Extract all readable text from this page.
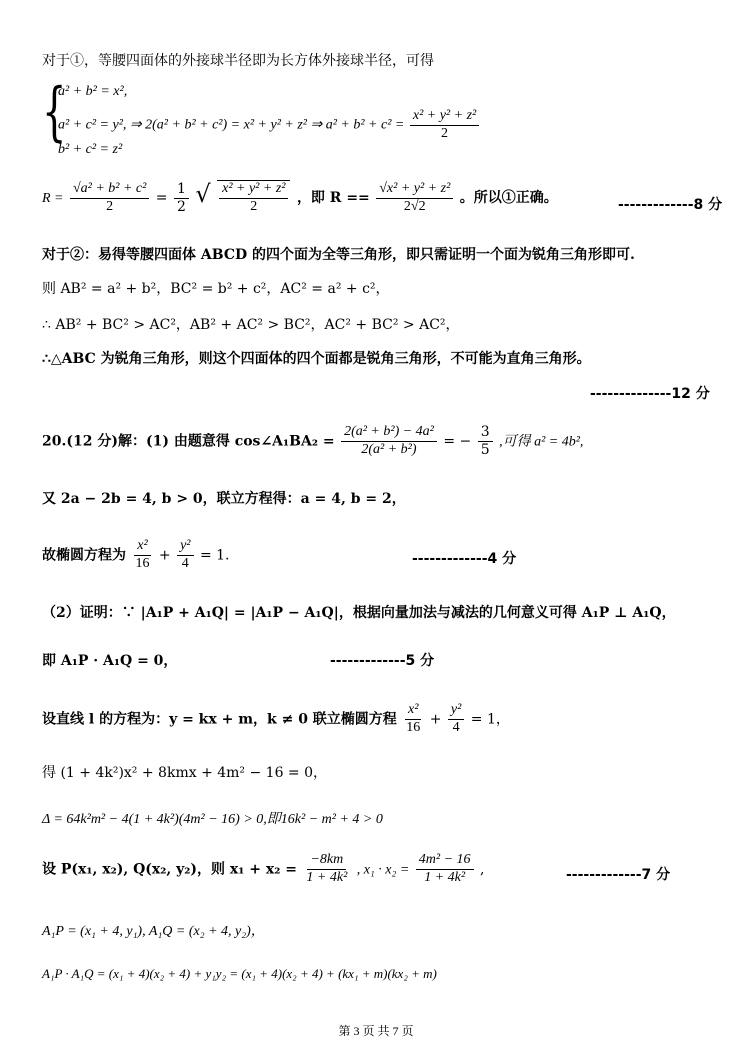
对于①，等腰四面体的外接球半径即为长方体外接球半径，可得
{
a² + b² = x²,
a² + c² = y², ⇒ 2(a² + b² + c²) = x² + y² + z² ⇒ $a^2 + b^2 + c^2 = \frac{\text{x² + y² + z²}}{2}$
b² + c² = z²
$R = \frac{\text{√a² + b² + c²}}{2} = \frac{1}{2}$ √ $\frac{\text{x² + y² + z²}}{2}$ ，即 $R == \frac{\text{√x² + y² + z²}}{2√2}$ 。所以①正确。	-------------8 分
对于②：易得等腰四面体 ABCD 的四个面为全等三角形，即只需证明一个面为锐角三角形即可.
则 AB² = a² + b²，BC² = b² + c²，AC² = a² + c²，
∴ AB² + BC² > AC²，AB² + AC² > BC²，AC² + BC² > AC²，
∴△ABC 为锐角三角形，则这个四面体的四个面都是锐角三角形，不可能为直角三角形。
--------------12 分
20.(12 分)解：(1) 由题意得 cos∠A₁BA₂ = $\frac{\text{2(a² + b²) − 4a²}}{\text{2(a² + b²)}}$ = − $\frac{3}{5}$ ,可得 a² = 4b²,
又 2a − 2b = 4, b > 0，联立方程得：a = 4, b = 2，
故椭圆方程为 $\frac{\text{x²}}{16} + \frac{\text{y²}}{4} = 1$.	-------------4 分
（2）证明：∵ |A₁P + A₁Q| = |A₁P − A₁Q|，根据向量加法与减法的几何意义可得 A₁P ⊥ A₁Q，
即 A₁P · A₁Q = 0，	-------------5 分
设直线 l 的方程为：y = kx + m，k ≠ 0 联立椭圆方程 $\frac{\text{x²}}{16} + \frac{\text{y²}}{4} = 1$，
得 (1 + 4k²)x² + 8kmx + 4m² − 16 = 0，
Δ = 64k²m² − 4(1 + 4k²)(4m² − 16) > 0,即16k² − m² + 4 > 0
设 P(x₁, x₂), Q(x₂, y₂)，则 $x_1 + x_2 = \frac{-8km}{\text{1 + 4k²}}$ , $x_1 \cdot x_2 = \frac{\text{4m² − 16}}{\text{1 + 4k²}}$ ,	-------------7 分
A₁P = (x₁ + 4, y₁), A₁Q = (x₂ + 4, y₂)，
A₁P · A₁Q = (x₁ + 4)(x₂ + 4) + y₁y₂ = (x₁ + 4)(x₂ + 4) + (kx₁ + m)(kx₂ + m)
第 3 页 共 7 页
